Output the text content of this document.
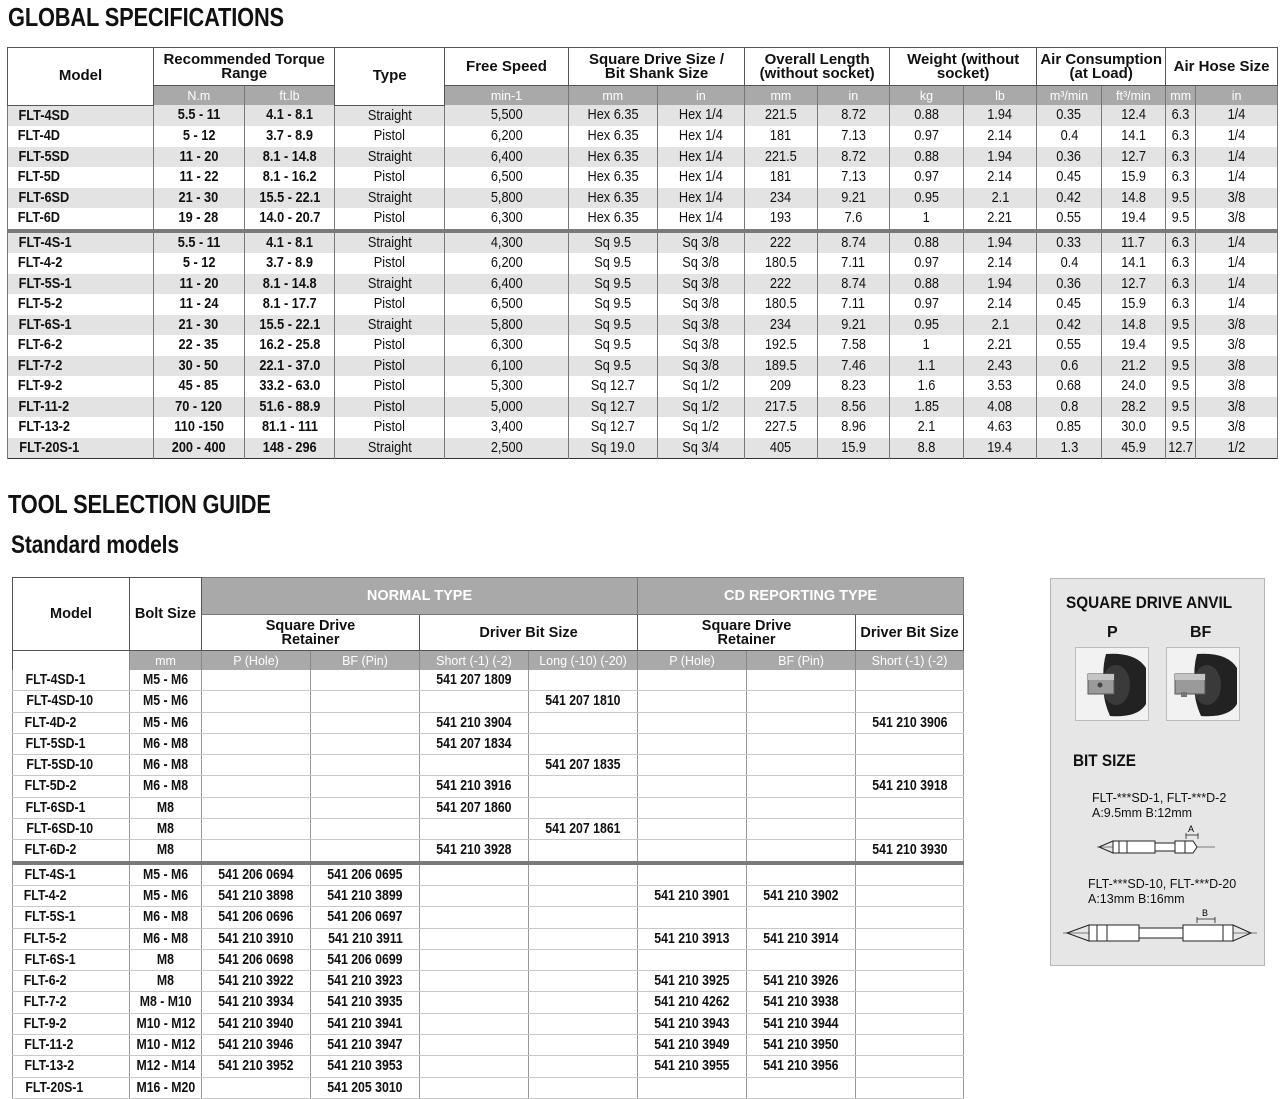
GLOBAL SPECIFICATIONS
Model	Recommended Torque Range		Type	Free Speed	Square Drive Size / Bit Shank Size		Overall Length (without socket)		Weight (without socket)		Air Consumption (at Load)		Air Hose Size	
	N.m	ft.lb		min-1	mm	in	mm	in	kg	lb	m³/min	ft³/min	mm	in
FLT-4SD	5.5 - 11	4.1 - 8.1	Straight	5,500	Hex 6.35	Hex 1/4	221.5	8.72	0.88	1.94	0.35	12.4	6.3	1/4
FLT-4D	5 - 12	3.7 - 8.9	Pistol	6,200	Hex 6.35	Hex 1/4	181	7.13	0.97	2.14	0.4	14.1	6.3	1/4
FLT-5SD	11 - 20	8.1 - 14.8	Straight	6,400	Hex 6.35	Hex 1/4	221.5	8.72	0.88	1.94	0.36	12.7	6.3	1/4
FLT-5D	11 - 22	8.1 - 16.2	Pistol	6,500	Hex 6.35	Hex 1/4	181	7.13	0.97	2.14	0.45	15.9	6.3	1/4
FLT-6SD	21 - 30	15.5 - 22.1	Straight	5,800	Hex 6.35	Hex 1/4	234	9.21	0.95	2.1	0.42	14.8	9.5	3/8
FLT-6D	19 - 28	14.0 - 20.7	Pistol	6,300	Hex 6.35	Hex 1/4	193	7.6	1	2.21	0.55	19.4	9.5	3/8
FLT-4S-1	5.5 - 11	4.1 - 8.1	Straight	4,300	Sq 9.5	Sq 3/8	222	8.74	0.88	1.94	0.33	11.7	6.3	1/4
FLT-4-2	5 - 12	3.7 - 8.9	Pistol	6,200	Sq 9.5	Sq 3/8	180.5	7.11	0.97	2.14	0.4	14.1	6.3	1/4
FLT-5S-1	11 - 20	8.1 - 14.8	Straight	6,400	Sq 9.5	Sq 3/8	222	8.74	0.88	1.94	0.36	12.7	6.3	1/4
FLT-5-2	11 - 24	8.1 - 17.7	Pistol	6,500	Sq 9.5	Sq 3/8	180.5	7.11	0.97	2.14	0.45	15.9	6.3	1/4
FLT-6S-1	21 - 30	15.5 - 22.1	Straight	5,800	Sq 9.5	Sq 3/8	234	9.21	0.95	2.1	0.42	14.8	9.5	3/8
FLT-6-2	22 - 35	16.2 - 25.8	Pistol	6,300	Sq 9.5	Sq 3/8	192.5	7.58	1	2.21	0.55	19.4	9.5	3/8
FLT-7-2	30 - 50	22.1 - 37.0	Pistol	6,100	Sq 9.5	Sq 3/8	189.5	7.46	1.1	2.43	0.6	21.2	9.5	3/8
FLT-9-2	45 - 85	33.2 - 63.0	Pistol	5,300	Sq 12.7	Sq 1/2	209	8.23	1.6	3.53	0.68	24.0	9.5	3/8
FLT-11-2	70 - 120	51.6 - 88.9	Pistol	5,000	Sq 12.7	Sq 1/2	217.5	8.56	1.85	4.08	0.8	28.2	9.5	3/8
FLT-13-2	110 -150	81.1 - 111	Pistol	3,400	Sq 12.7	Sq 1/2	227.5	8.96	2.1	4.63	0.85	30.0	9.5	3/8
FLT-20S-1	200 - 400	148 - 296	Straight	2,500	Sq 19.0	Sq 3/4	405	15.9	8.8	19.4	1.3	45.9	12.7	1/2
TOOL SELECTION GUIDE
Standard models
Model	Bolt Size	NORMAL TYPE				CD REPORTING TYPE		
		Square Drive Retainer		Driver Bit Size		Square Drive Retainer		Driver Bit Size
	mm	P (Hole)	BF (Pin)	Short (-1) (-2)	Long (-10) (-20)	P (Hole)	BF (Pin)	Short (-1) (-2)
FLT-4SD-1	M5 - M6			541 207 1809				
FLT-4SD-10	M5 - M6				541 207 1810			
FLT-4D-2	M5 - M6			541 210 3904				541 210 3906
FLT-5SD-1	M6 - M8			541 207 1834				
FLT-5SD-10	M6 - M8				541 207 1835			
FLT-5D-2	M6 - M8			541 210 3916				541 210 3918
FLT-6SD-1	M8			541 207 1860				
FLT-6SD-10	M8				541 207 1861			
FLT-6D-2	M8			541 210 3928				541 210 3930
FLT-4S-1	M5 - M6	541 206 0694	541 206 0695					
FLT-4-2	M5 - M6	541 210 3898	541 210 3899			541 210 3901	541 210 3902	
FLT-5S-1	M6 - M8	541 206 0696	541 206 0697					
FLT-5-2	M6 - M8	541 210 3910	541 210 3911			541 210 3913	541 210 3914	
FLT-6S-1	M8	541 206 0698	541 206 0699					
FLT-6-2	M8	541 210 3922	541 210 3923			541 210 3925	541 210 3926	
FLT-7-2	M8 - M10	541 210 3934	541 210 3935			541 210 4262	541 210 3938	
FLT-9-2	M10 - M12	541 210 3940	541 210 3941			541 210 3943	541 210 3944	
FLT-11-2	M10 - M12	541 210 3946	541 210 3947			541 210 3949	541 210 3950	
FLT-13-2	M12 - M14	541 210 3952	541 210 3953			541 210 3955	541 210 3956	
FLT-20S-1	M16 - M20		541 205 3010					
SQUARE DRIVE ANVIL
P	BF
BIT SIZE
FLT-***SD-1, FLT-***D-2
A:9.5mm B:12mm
A
FLT-***SD-10, FLT-***D-20
A:13mm B:16mm
B
